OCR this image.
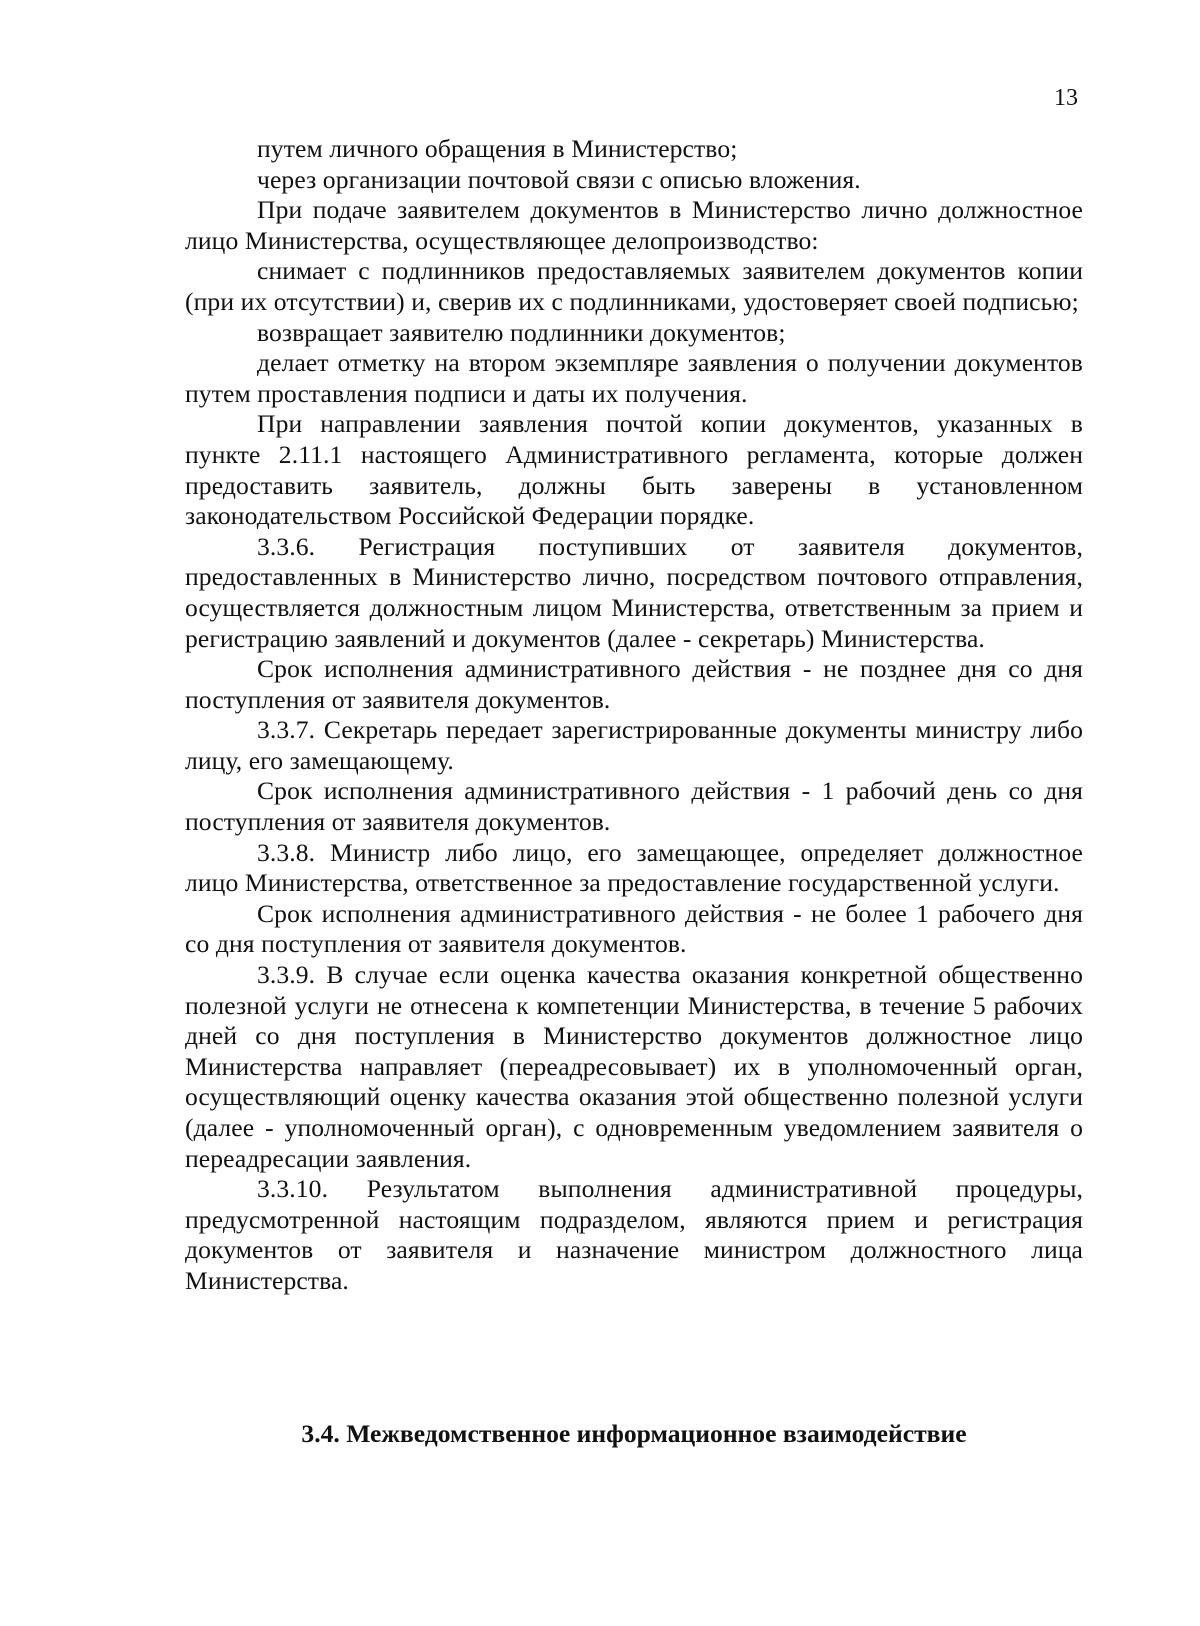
13

путем личного обращения в Министерство;

через организации почтовой связи с описью вложения.

При подаче заявителем документов в Министерство лично должностное лицо Министерства, осуществляющее делопроизводство:

снимает с подлинников предоставляемых заявителем документов копии (при их отсутствии) и, сверив их с подлинниками, удостоверяет своей подписью;

возвращает заявителю подлинники документов;

делает отметку на втором экземпляре заявления о получении документов путем проставления подписи и даты их получения.

При направлении заявления почтой копии документов, указанных в пункте 2.11.1 настоящего Административного регламента, которые должен предоставить заявитель, должны быть заверены в установленном законодательством Российской Федерации порядке.

3.3.6. Регистрация поступивших от заявителя документов, предоставленных в Министерство лично, посредством почтового отправления, осуществляется должностным лицом Министерства, ответственным за прием и регистрацию заявлений и документов (далее - секретарь) Министерства.

Срок исполнения административного действия - не позднее дня со дня поступления от заявителя документов.

3.3.7. Секретарь передает зарегистрированные документы министру либо лицу, его замещающему.

Срок исполнения административного действия - 1 рабочий день со дня поступления от заявителя документов.

3.3.8. Министр либо лицо, его замещающее, определяет должностное лицо Министерства, ответственное за предоставление государственной услуги.

Срок исполнения административного действия - не более 1 рабочего дня со дня поступления от заявителя документов.

3.3.9. В случае если оценка качества оказания конкретной общественно полезной услуги не отнесена к компетенции Министерства, в течение 5 рабочих дней со дня поступления в Министерство документов должностное лицо Министерства направляет (переадресовывает) их в уполномоченный орган, осуществляющий оценку качества оказания этой общественно полезной услуги (далее - уполномоченный орган), с одновременным уведомлением заявителя о переадресации заявления.

3.3.10. Результатом выполнения административной процедуры, предусмотренной настоящим подразделом, являются прием и регистрация документов от заявителя и назначение министром должностного лица Министерства.

3.4. Межведомственное информационное взаимодействие
